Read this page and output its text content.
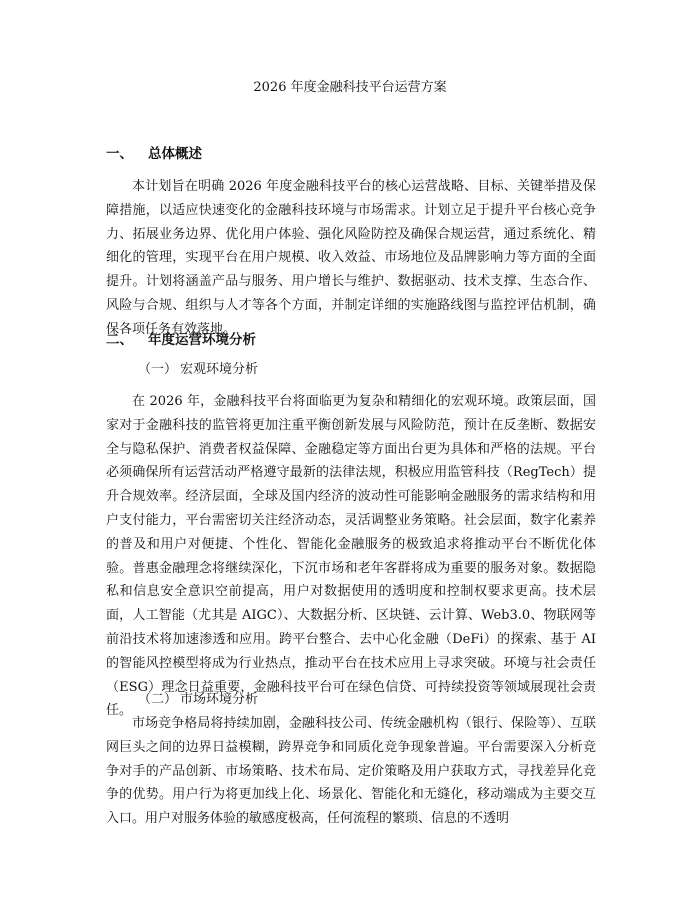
2026 年度金融科技平台运营方案
一、	总体概述
本计划旨在明确 2026 年度金融科技平台的核心运营战略、目标、关键举措及保障措施，以适应快速变化的金融科技环境与市场需求。计划立足于提升平台核心竞争力、拓展业务边界、优化用户体验、强化风险防控及确保合规运营，通过系统化、精细化的管理，实现平台在用户规模、收入效益、市场地位及品牌影响力等方面的全面提升。计划将涵盖产品与服务、用户增长与维护、数据驱动、技术支撑、生态合作、风险与合规、组织与人才等各个方面，并制定详细的实施路线图与监控评估机制，确保各项任务有效落地。
二、	年度运营环境分析
（一） 宏观环境分析
在 2026 年，金融科技平台将面临更为复杂和精细化的宏观环境。政策层面，国家对于金融科技的监管将更加注重平衡创新发展与风险防范，预计在反垄断、数据安全与隐私保护、消费者权益保障、金融稳定等方面出台更为具体和严格的法规。平台必须确保所有运营活动严格遵守最新的法律法规，积极应用监管科技（RegTech）提升合规效率。经济层面，全球及国内经济的波动性可能影响金融服务的需求结构和用户支付能力，平台需密切关注经济动态，灵活调整业务策略。社会层面，数字化素养的普及和用户对便捷、个性化、智能化金融服务的极致追求将推动平台不断优化体验。普惠金融理念将继续深化，下沉市场和老年客群将成为重要的服务对象。数据隐私和信息安全意识空前提高，用户对数据使用的透明度和控制权要求更高。技术层面，人工智能（尤其是 AIGC）、大数据分析、区块链、云计算、Web3.0、物联网等前沿技术将加速渗透和应用。跨平台整合、去中心化金融（DeFi）的探索、基于 AI 的智能风控模型将成为行业热点，推动平台在技术应用上寻求突破。环境与社会责任（ESG）理念日益重要，金融科技平台可在绿色信贷、可持续投资等领域展现社会责任。
（二） 市场环境分析
市场竞争格局将持续加剧，金融科技公司、传统金融机构（银行、保险等）、互联网巨头之间的边界日益模糊，跨界竞争和同质化竞争现象普遍。平台需要深入分析竞争对手的产品创新、市场策略、技术布局、定价策略及用户获取方式，寻找差异化竞争的优势。用户行为将更加线上化、场景化、智能化和无缝化，移动端成为主要交互入口。用户对服务体验的敏感度极高，任何流程的繁琐、信息的不透明
